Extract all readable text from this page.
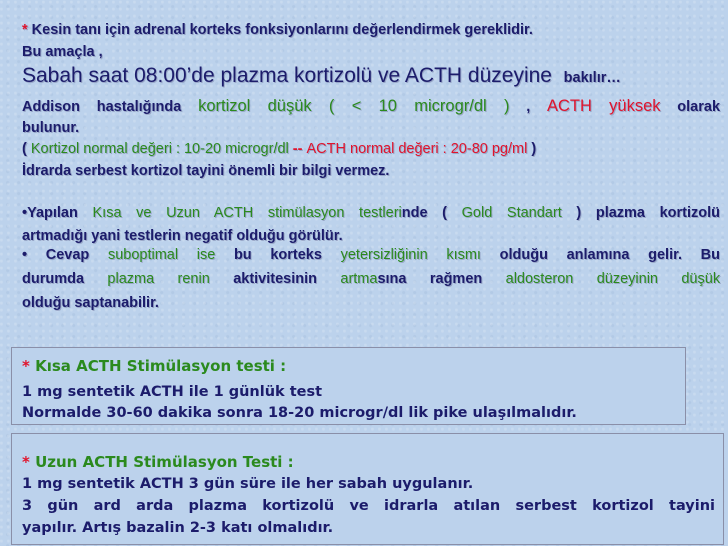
* Kesin tanı için adrenal korteks fonksiyonlarını değerlendirmek gereklidir.
Bu amaçla ,
Sabah saat 08:00’de plazma kortizolü ve ACTH düzeyine bakılır…
Addison hastalığında kortizol düşük ( < 10 microgr/dl ) , ACTH yüksek olarak
bulunur.
( Kortizol normal değeri : 10-20 microgr/dl -- ACTH normal değeri : 20-80 pg/ml )
İdrarda serbest kortizol tayini önemli bir bilgi vermez.
•Yapılan Kısa ve Uzun ACTH stimülasyon testlerinde ( Gold Standart ) plazma kortizolü
artmadığı yani testlerin negatif olduğu görülür.
• Cevap suboptimal ise bu korteks yetersizliğinin kısmı olduğu anlamına gelir. Bu
durumda plazma renin aktivitesinin artmasına rağmen aldosteron düzeyinin düşük
olduğu saptanabilir.
* Kısa ACTH Stimülasyon testi :
1 mg sentetik ACTH ile 1 günlük test
Normalde 30-60 dakika sonra 18-20 microgr/dl lik pike ulaşılmalıdır.
* Uzun ACTH Stimülasyon Testi :
1 mg sentetik ACTH 3 gün süre ile her sabah uygulanır.
3 gün ard arda plazma kortizolü ve idrarla atılan serbest kortizol tayini
yapılır. Artış bazalin 2-3 katı olmalıdır.
